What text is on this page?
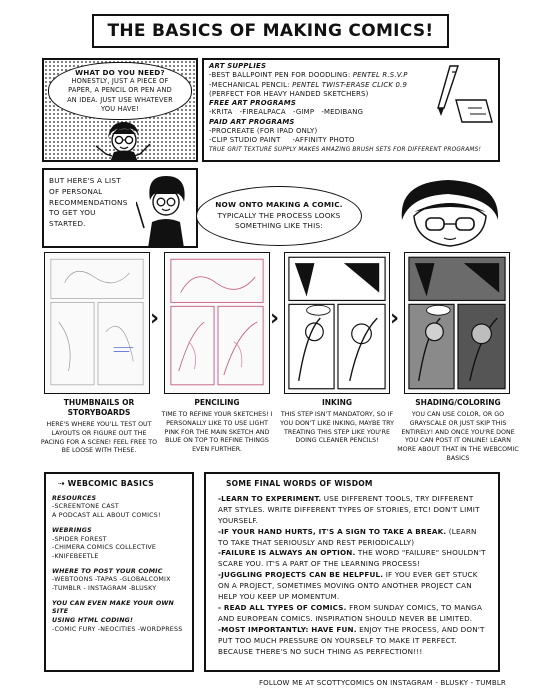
THE BASICS OF MAKING COMICS!
WHAT DO YOU NEED?
HONESTLY, JUST A PIECE OF PAPER, A PENCIL OR PEN AND AN IDEA. JUST USE WHATEVER YOU HAVE!
ART SUPPLIES
-BEST BALLPOINT PEN FOR DOODLING: PENTEL R.S.V.P
-MECHANICAL PENCIL: PENTEL TWIST-ERASE CLICK 0.9
(PERFECT FOR HEAVY HANDED SKETCHERS)
FREE ART PROGRAMS
-KRITA   -FIREALPACA   -GIMP   -MEDIBANG
PAID ART PROGRAMS
-PROCREATE (FOR IPAD ONLY)
-CLIP STUDIO PAINT     -AFFINITY PHOTO
TRUE GRIT TEXTURE SUPPLY MAKES AMAZING BRUSH SETS FOR DIFFERENT PROGRAMS!
BUT HERE'S A LIST OF PERSONAL RECOMMENDATIONS TO GET YOU STARTED.
NOW ONTO MAKING A COMIC.
TYPICALLY THE PROCESS LOOKS SOMETHING LIKE THIS:
›	›	›
THUMBNAILS OR STORYBOARDS
HERE'S WHERE YOU'LL TEST OUT LAYOUTS OR FIGURE OUT THE PACING FOR A SCENE! FEEL FREE TO BE LOOSE WITH THESE.
PENCILING
TIME TO REFINE YOUR SKETCHES! I PERSONALLY LIKE TO USE LIGHT PINK FOR THE MAIN SKETCH AND BLUE ON TOP TO REFINE THINGS EVEN FURTHER.
INKING
THIS STEP ISN'T MANDATORY, SO IF YOU DON'T LIKE INKING, MAYBE TRY TREATING THIS STEP LIKE YOU'RE DOING CLEANER PENCILS!
SHADING/COLORING
YOU CAN USE COLOR, OR GO GRAYSCALE OR JUST SKIP THIS ENTIRELY! AND ONCE YOU'RE DONE YOU CAN POST IT ONLINE! LEARN MORE ABOUT THAT IN THE WEBCOMIC BASICS
⇢ WEBCOMIC BASICS
RESOURCES
-SCREENTONE CAST
A PODCAST ALL ABOUT COMICS!
WEBRINGS
-SPIDER FOREST
-CHIMERA COMICS COLLECTIVE
-KNIFEBEETLE
WHERE TO POST YOUR COMIC
-WEBTOONS -TAPAS -GLOBALCOMIX
-TUMBLR - INSTAGRAM -BLUSKY
YOU CAN EVEN MAKE YOUR OWN SITE
USING HTML CODING!
-COMIC FURY -NEOCITIES -WORDPRESS
SOME FINAL WORDS OF WISDOM
-LEARN TO EXPERIMENT. USE DIFFERENT TOOLS, TRY DIFFERENT ART STYLES. WRITE DIFFERENT TYPES OF STORIES, ETC! DON'T LIMIT YOURSELF.
-IF YOUR HAND HURTS, IT'S A SIGN TO TAKE A BREAK. (LEARN TO TAKE THAT SERIOUSLY AND REST PERIODICALLY)
-FAILURE IS ALWAYS AN OPTION. THE WORD "FAILURE" SHOULDN'T SCARE YOU. IT'S A PART OF THE LEARNING PROCESS!
-JUGGLING PROJECTS CAN BE HELPFUL. IF YOU EVER GET STUCK ON A PROJECT, SOMETIMES MOVING ONTO ANOTHER PROJECT CAN HELP YOU KEEP UP MOMENTUM.
- READ ALL TYPES OF COMICS. FROM SUNDAY COMICS, TO MANGA AND EUROPEAN COMICS. INSPIRATION SHOULD NEVER BE LIMITED.
-MOST IMPORTANTLY: HAVE FUN. ENJOY THE PROCESS, AND DON'T PUT TOO MUCH PRESSURE ON YOURSELF TO MAKE IT PERFECT. BECAUSE THERE'S NO SUCH THING AS PERFECTION!!!
FOLLOW ME AT SCOTTYCOMICS ON INSTAGRAM - BLUSKY - TUMBLR
